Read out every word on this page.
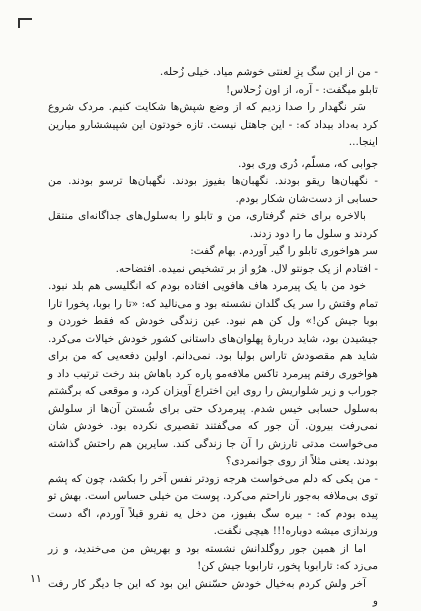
- من از این سگ یزِ لعنتی خوشم میاد. خیلی زُحله.

تابلو میگفت: - آره، از اون زُحلاس!

سَر نگهدار را صدا زدیم که از وضع شپش‌ها شکایت کنیم. مردک شروع کرد به‌داد بیداد که: - این جاهتل نیست. تازه خودتون این شپیششارو میارین اینجا...

جوابی که، مسلّم، دُری وری بود.

- نگهبان‌ها ریقو بودند. نگهبان‌ها بفیوز بودند. نگهبان‌ها ترسو بودند. من حسابی از دست‌شان شکار بودم.

بالاخره برای ختم گرفتاری، من و تابلو را به‌سلول‌های جداگانه‌ای منتقل کردند و سلول ما را دود زدند.

سر هواخوری تابلو را گیر آوردم. بهام گفت:

- افتادم از یک جونتو لال. هرُو از بر تشخیص نمیده. افتضاحه.

خود من با یک پیرمرد هاف هافویی افتاده بودم که انگلیسی هم بلد نبود. تمام وقتش را سر یک گلدان نشسته بود و می‌نالید که: «تا را بوبا، پخورا تارا بوبا جیش کن!» ول کن هم نبود. عین زندگی خودش که فقط خوردن و جیشیدن بود، شاید دربارهٔ پهلوان‌های داستانی کشور خودش خیالات می‌کرد. شاید هم مقصودش تاراس بولبا بود. نمی‌دانم. اولین دفعه‌یی که من برای هواخوری رفتم پیرمرد تاکس ملافه‌مو پاره کرد باهاش بند رخت ترتیب داد و جوراب و زیر شلواریش را روی این اختراع آویزان کرد، و موقعی که برگشتم به‌سلول حسابی خیس شدم. پیرمردک حتی برای شُستن آن‌ها از سلولش نمی‌رفت بیرون. آن جور که می‌گفتند تقصیری نکرده بود. خودش شان می‌خواست مدتی تارزش را آن جا زندگی کند. سایرین هم راحتش گذاشته بودند. یعنی مثلاً از روی جوانمردی؟

- من یکی که دلم می‌خواست هرجه زودتر نفس آخر را بکشد، چون که پشم توی بی‌ملافه به‌جور ناراحتم می‌کرد. پوست من خیلی حساس است. بهش تو پیده بودم که: - بیره سگ بفیوز، من دخل یه نفرو قبلاً آوردم، اگه دست ورندازی میشه دوباره!!! هیچی نگفت.

اما از همین جور روگلدانش نشسته بود و بهریش من می‌خندید، و زر می‌زد که: تارابوبا پخور، تارابوبا جیش کن!

آخر ولش کردم به‌خیال خودش حسّنش این بود که این جا دیگر کار رفت و

۱۱
